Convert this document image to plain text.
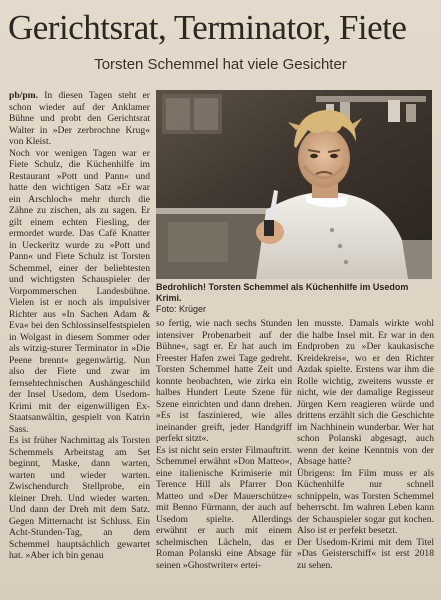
Gerichtsrat, Terminator, Fiete
Torsten Schemmel hat viele Gesichter

pb/pm. In diesen Tagen steht er schon wieder auf der Anklamer Bühne und probt den Gerichtsrat Walter in »Der zerbrochne Krug« von Kleist.

Noch vor wenigen Tagen war er Fiete Schulz, die Küchenhilfe im Restaurant »Pott und Pann« und hatte den wichtigen Satz »Er war ein Arschloch« mehr durch die Zähne zu zischen, als zu sagen. Er gilt einem echten Fiesling, der ermordet wurde. Das Café Knatter in Ueckeritz wurde zu »Pott und Pann« und Fiete Schulz ist Torsten Schemmel, einer der beliebtesten und wichtigsten Schauspieler der Vorpommerschen Landesbühne. Vielen ist er noch als impulsiver Richter aus »In Sachen Adam & Eva« bei den Schlossinselfestspielen in Wolgast in diesem Sommer oder als witzig-sturer Terminator in »Die Peene brennt« gegenwärtig. Nun also der Fiete und zwar im fernsehtechnischen Aushängeschild der Insel Usedom, dem Usedom-Krimi mit der eigenwilligen Ex-Staatsanwältin, gespielt von Katrin Sass.

Es ist früher Nachmittag als Torsten Schemmels Arbeitstag am Set beginnt, Maske, dann warten, warten und wieder warten. Zwischendurch Stellprobe, ein kleiner Dreh. Und wieder warten. Und dann der Dreh mit dem Satz. Gegen Mitternacht ist Schluss. Ein Acht-Stunden-Tag, an dem Schemmel hauptsächlich gewartet hat. »Aber ich bin genau

Bedrohlich! Torsten Schemmel als Küchenhilfe im Usedom Krimi.
Foto: Krüger

so fertig, wie nach sechs Stunden intensiver Probenarbeit auf der Bühne«, sagt er. Er hat auch im Freester Hafen zwei Tage gedreht. Torsten Schemmel hatte Zeit und konnte beobachten, wie zirka ein halbes Hundert Leute Szene für Szene einrichten und dann drehen. »Es ist fasziniered, wie alles ineinander greift, jeder Handgriff perfekt sitzt«.

Es ist nicht sein erster Filmauftritt. Schemmel erwähnt »Don Matteo«, eine italienische Krimiserie mit Terence Hill als Pfarrer Don Matteo und »Der Mauerschütze« mit Benno Fürmann, der auch auf Usedom spielte. Allerdings erwähnt er auch mit einem schelmischen Lächeln, das er Roman Polanski eine Absage für seinen »Ghostwriter« ertei-

len musste. Damals wirkte wohl die halbe Insel mit. Er war in den Endproben zu »Der kaukasische Kreidekreis«, wo er den Richter Azdak spielte. Erstens war ihm die Rolle wichtig, zweitens wusste er nicht, wie der damalige Regisseur Jürgen Kern reagieren würde und drittens erzählt sich die Geschichte im Nachhinein wunderbar. Wer hat schon Polanski abgesagt, auch wenn der keine Kenntnis von der Absage hatte?

Übrigens: Im Film muss er als Küchenhilfe nur schnell schnippeln, was Torsten Schemmel beherrscht. Im wahren Leben kann der Schauspieler sogar gut kochen. Also ist er perfekt besetzt.

Der Usedom-Krimi mit dem Titel »Das Geisterschiff« ist erst 2018 zu sehen.
